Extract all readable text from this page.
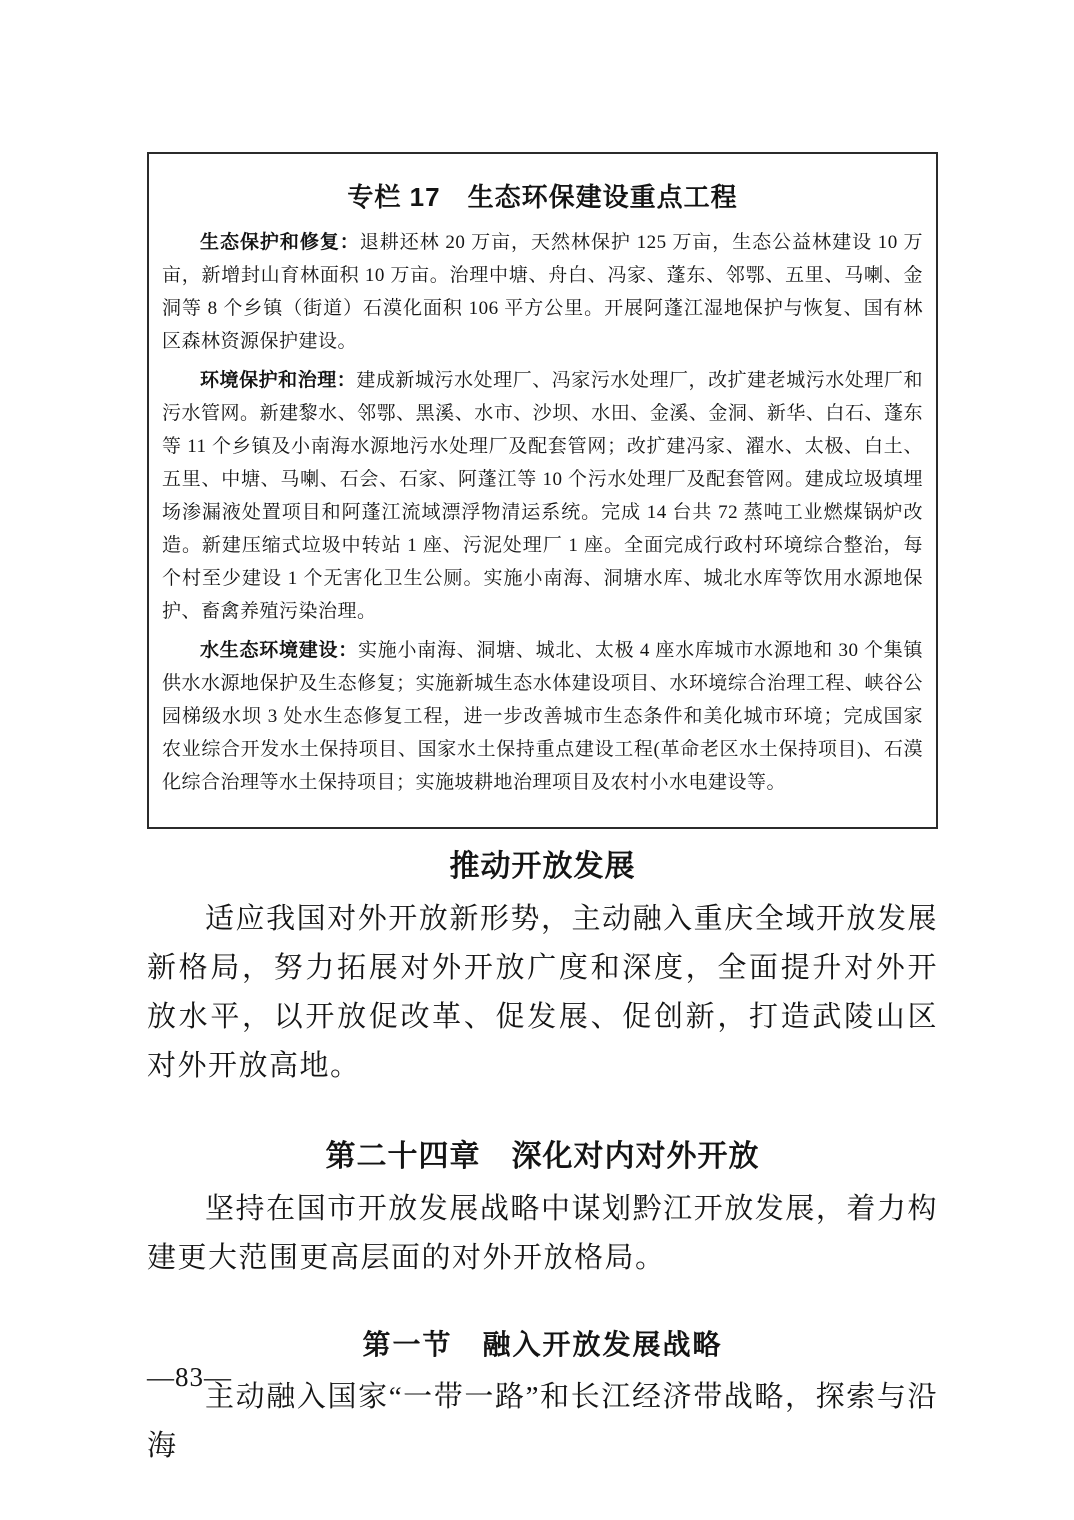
专栏 17　生态环保建设重点工程

生态保护和修复：退耕还林 20 万亩，天然林保护 125 万亩，生态公益林建设 10 万亩，新增封山育林面积 10 万亩。治理中塘、舟白、冯家、蓬东、邻鄂、五里、马喇、金洞等 8 个乡镇（街道）石漠化面积 106 平方公里。开展阿蓬江湿地保护与恢复、国有林区森林资源保护建设。

环境保护和治理：建成新城污水处理厂、冯家污水处理厂，改扩建老城污水处理厂和污水管网。新建黎水、邻鄂、黑溪、水市、沙坝、水田、金溪、金洞、新华、白石、蓬东等 11 个乡镇及小南海水源地污水处理厂及配套管网；改扩建冯家、濯水、太极、白土、五里、中塘、马喇、石会、石家、阿蓬江等 10 个污水处理厂及配套管网。建成垃圾填埋场渗漏液处置项目和阿蓬江流域漂浮物清运系统。完成 14 台共 72 蒸吨工业燃煤锅炉改造。新建压缩式垃圾中转站 1 座、污泥处理厂 1 座。全面完成行政村环境综合整治，每个村至少建设 1 个无害化卫生公厕。实施小南海、洞塘水库、城北水库等饮用水源地保护、畜禽养殖污染治理。

水生态环境建设：实施小南海、洞塘、城北、太极 4 座水库城市水源地和 30 个集镇供水水源地保护及生态修复；实施新城生态水体建设项目、水环境综合治理工程、峡谷公园梯级水坝 3 处水生态修复工程，进一步改善城市生态条件和美化城市环境；完成国家农业综合开发水土保持项目、国家水土保持重点建设工程(革命老区水土保持项目)、石漠化综合治理等水土保持项目；实施坡耕地治理项目及农村小水电建设等。

推动开放发展

适应我国对外开放新形势，主动融入重庆全域开放发展新格局，努力拓展对外开放广度和深度，全面提升对外开放水平，以开放促改革、促发展、促创新，打造武陵山区对外开放高地。

第二十四章　深化对内对外开放

坚持在国市开放发展战略中谋划黔江开放发展，着力构建更大范围更高层面的对外开放格局。

第一节　融入开放发展战略

主动融入国家“一带一路”和长江经济带战略，探索与沿海

—83—
